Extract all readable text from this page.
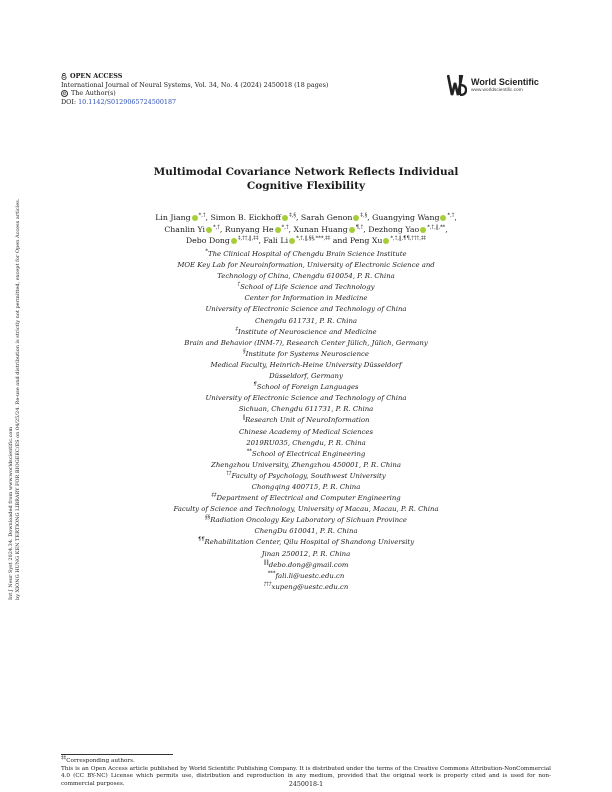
OPEN ACCESS
International Journal of Neural Systems, Vol. 34, No. 4 (2024) 2450018 (18 pages)
© The Author(s)
DOI: 10.1142/S0129065724500187
World Scientific
www.worldscientific.com
Int J Neur Syst 2024.34. Downloaded from www.worldscientific.com by XIONG HUNG KEN TERTIONG LIBRARY FOR BIOGEEC/ES on 04/25/24. Re-use and distribution is strictly not permitted, except for Open Access articles.
Multimodal Covariance Network Reflects Individual
Cognitive Flexibility
Lin Jiang *,†, Simon B. Eickhoff ‡,§, Sarah Genon ‡,§, Guangying Wang *,†,
Chanlin Yi *,†, Runyang He *,†, Xunan Huang ¶,†, Dezhong Yao *,†,‖,**,
Debo Dong ‡,††,‖,‡‡, Fali Li *,†,‖,§§,***,‡‡ and Peng Xu *,†,‖,¶¶,†††,‡‡
*The Clinical Hospital of Chengdu Brain Science Institute
MOE Key Lab for Neuroinformation, University of Electronic Science and
Technology of China, Chengdu 610054, P. R. China
†School of Life Science and Technology
Center for Information in Medicine
University of Electronic Science and Technology of China
Chengdu 611731, P. R. China
‡Institute of Neuroscience and Medicine
Brain and Behavior (INM-7), Research Center Jülich, Jülich, Germany
§Institute for Systems Neuroscience
Medical Faculty, Heinrich-Heine University Düsseldorf
Düsseldorf, Germany
¶School of Foreign Languages
University of Electronic Science and Technology of China
Sichuan, Chengdu 611731, P. R. China
‖Research Unit of NeuroInformation
Chinese Academy of Medical Sciences
2019RU035, Chengdu, P. R. China
**School of Electrical Engineering
Zhengzhou University, Zhengzhou 450001, P. R. China
††Faculty of Psychology, Southwest University
Chongqing 400715, P. R. China
‡‡Department of Electrical and Computer Engineering
Faculty of Science and Technology, University of Macau, Macau, P. R. China
§§Radiation Oncology Key Laboratory of Sichuan Province
ChengDu 610041, P. R. China
¶¶Rehabilitation Center, Qilu Hospital of Shandong University
Jinan 250012, P. R. China
‖‖debo.dong@gmail.com
***fali.li@uestc.edu.cn
†††xupeng@uestc.edu.cn

‡‡Corresponding authors.

This is an Open Access article published by World Scientific Publishing Company. It is distributed under the terms of the Creative Commons Attribution-NonCommercial 4.0 (CC BY-NC) License which permits use, distribution and reproduction in any medium, provided that the original work is properly cited and is used for non-commercial purposes.	2450018-1
